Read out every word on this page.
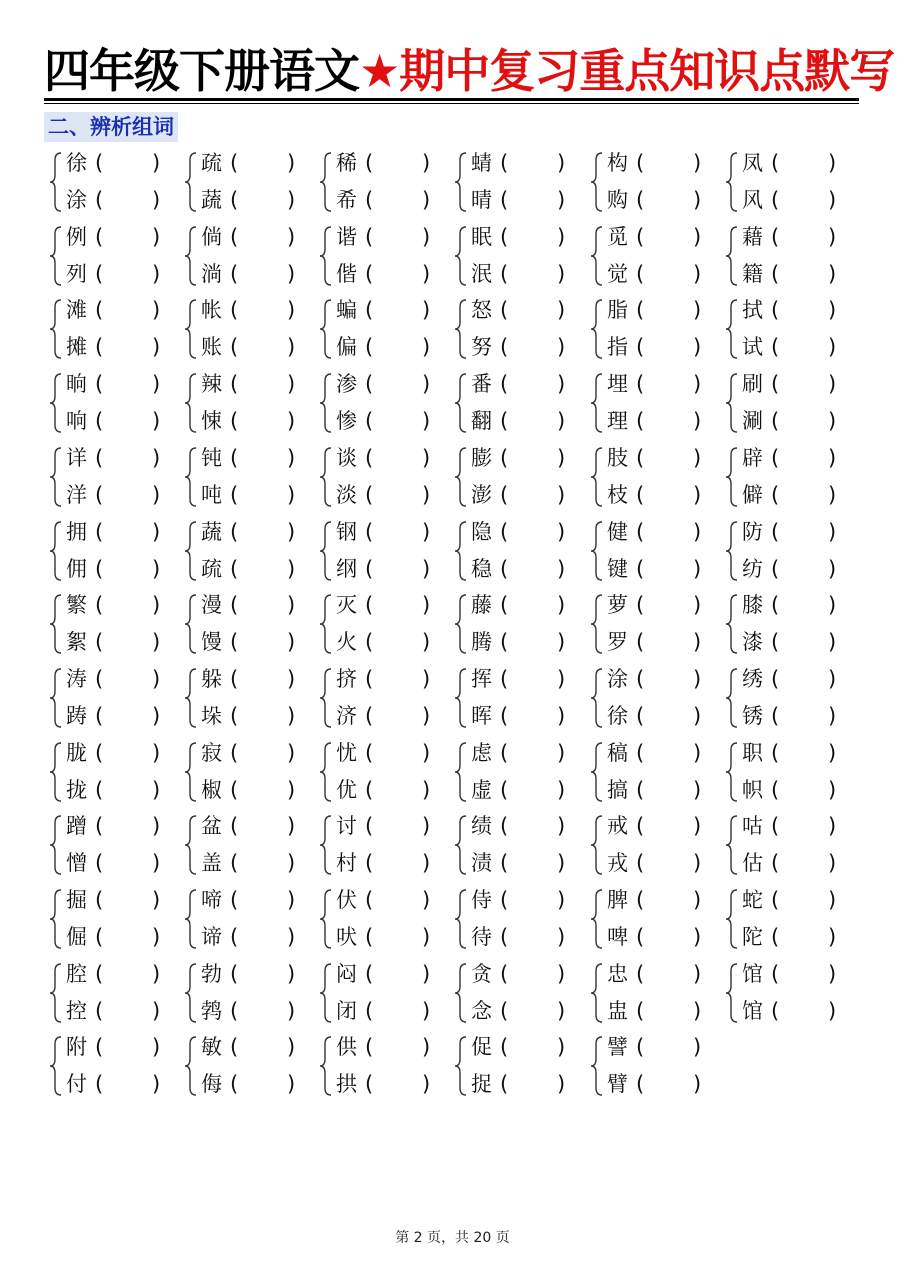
四年级下册语文★期中复习重点知识点默写
二、辨析组词
徐 ( )
涂 ( )
疏 ( )
蔬 ( )
稀 ( )
希 ( )
蜻 ( )
晴 ( )
构 ( )
购 ( )
凤 ( )
风 ( )
例 ( )
列 ( )
倘 ( )
淌 ( )
谐 ( )
偕 ( )
眠 ( )
泯 ( )
觅 ( )
觉 ( )
藉 ( )
籍 ( )
滩 ( )
摊 ( )
帐 ( )
账 ( )
蝙 ( )
偏 ( )
怒 ( )
努 ( )
脂 ( )
指 ( )
拭 ( )
试 ( )
晌 ( )
响 ( )
辣 ( )
悚 ( )
渗 ( )
惨 ( )
番 ( )
翻 ( )
埋 ( )
理 ( )
刷 ( )
涮 ( )
详 ( )
洋 ( )
钝 ( )
吨 ( )
谈 ( )
淡 ( )
膨 ( )
澎 ( )
肢 ( )
枝 ( )
辟 ( )
僻 ( )
拥 ( )
佣 ( )
蔬 ( )
疏 ( )
钢 ( )
纲 ( )
隐 ( )
稳 ( )
健 ( )
键 ( )
防 ( )
纺 ( )
繁 ( )
絮 ( )
漫 ( )
馒 ( )
灭 ( )
火 ( )
藤 ( )
腾 ( )
萝 ( )
罗 ( )
膝 ( )
漆 ( )
涛 ( )
踌 ( )
躲 ( )
垛 ( )
挤 ( )
济 ( )
挥 ( )
晖 ( )
涂 ( )
徐 ( )
绣 ( )
锈 ( )
胧 ( )
拢 ( )
寂 ( )
椒 ( )
忧 ( )
优 ( )
虑 ( )
虚 ( )
稿 ( )
搞 ( )
职 ( )
帜 ( )
蹭 ( )
憎 ( )
盆 ( )
盖 ( )
讨 ( )
村 ( )
绩 ( )
渍 ( )
戒 ( )
戎 ( )
咕 ( )
估 ( )
掘 ( )
倔 ( )
啼 ( )
谛 ( )
伏 ( )
吠 ( )
侍 ( )
待 ( )
脾 ( )
啤 ( )
蛇 ( )
陀 ( )
腔 ( )
控 ( )
勃 ( )
鹁 ( )
闷 ( )
闭 ( )
贪 ( )
念 ( )
忠 ( )
盅 ( )
馆 ( )
馆 ( )
附 ( )
付 ( )
敏 ( )
侮 ( )
供 ( )
拱 ( )
促 ( )
捉 ( )
譬 ( )
臂 ( )
第 2 页，共 20 页
